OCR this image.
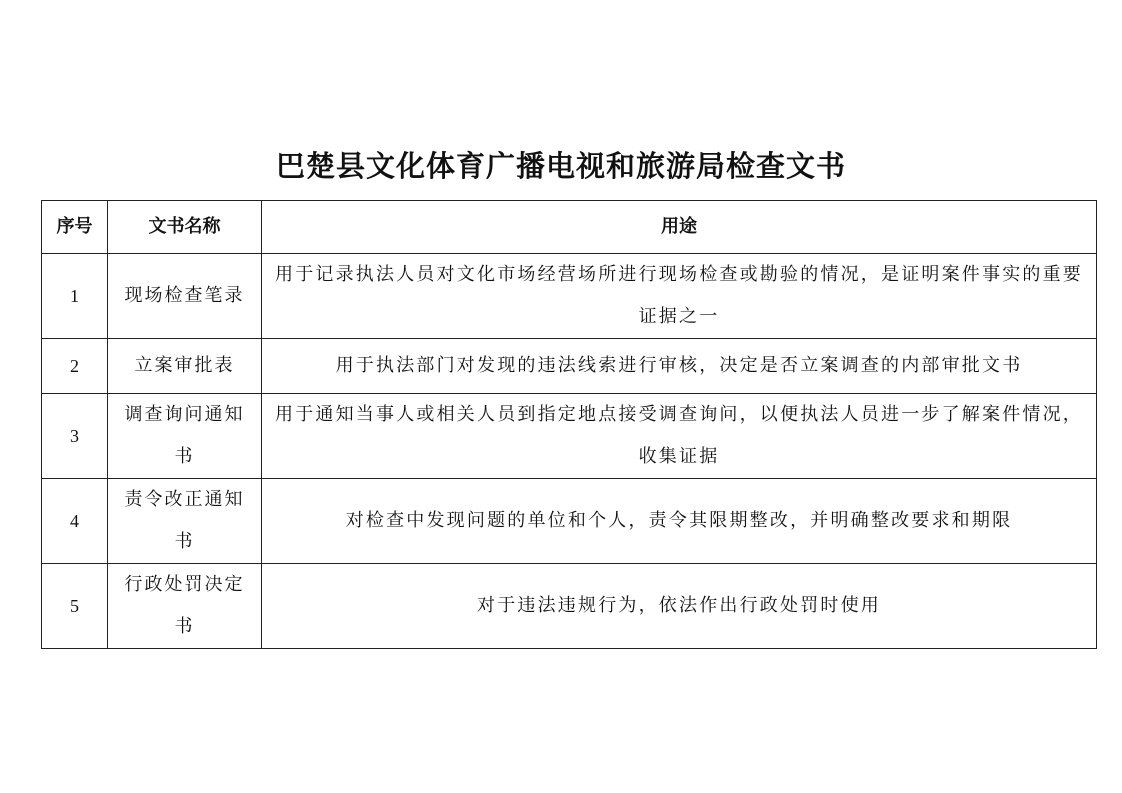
巴楚县文化体育广播电视和旅游局检查文书
序号	文书名称	用途
1	现场检查笔录	用于记录执法人员对文化市场经营场所进行现场检查或勘验的情况，是证明案件事实的重要证据之一
2	立案审批表	用于执法部门对发现的违法线索进行审核，决定是否立案调查的内部审批文书
3	调查询问通知书	用于通知当事人或相关人员到指定地点接受调查询问，以便执法人员进一步了解案件情况，收集证据
4	责令改正通知书	对检查中发现问题的单位和个人，责令其限期整改，并明确整改要求和期限
5	行政处罚决定书	对于违法违规行为，依法作出行政处罚时使用
